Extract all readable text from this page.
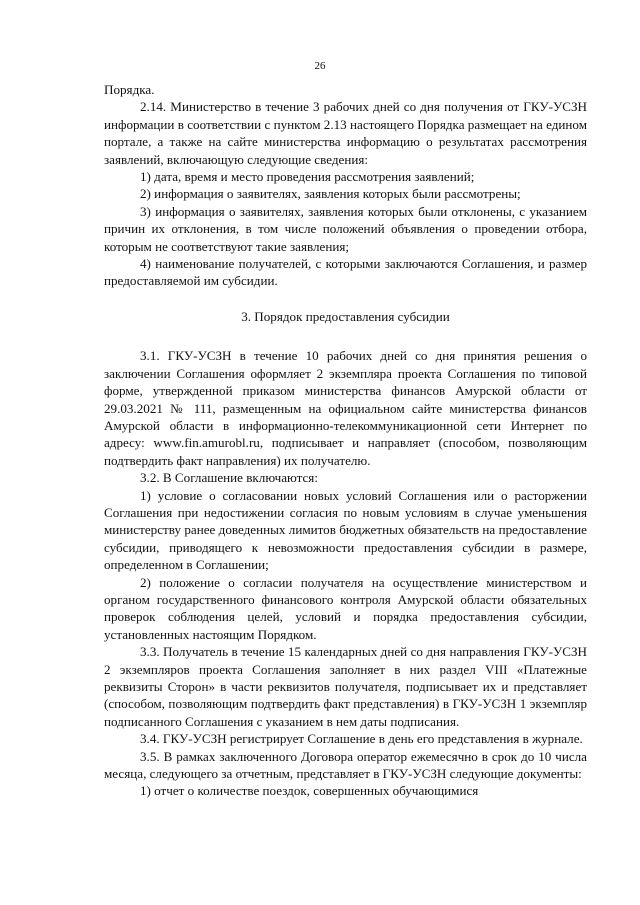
26

Порядка.

2.14. Министерство в течение 3 рабочих дней со дня получения от ГКУ-УСЗН информации в соответствии с пунктом 2.13 настоящего Порядка размещает на едином портале, а также на сайте министерства информацию о результатах рассмотрения заявлений, включающую следующие сведения:

1) дата, время и место проведения рассмотрения заявлений;

2) информация о заявителях, заявления которых были рассмотрены;

3) информация о заявителях, заявления которых были отклонены, с указанием причин их отклонения, в том числе положений объявления о проведении отбора, которым не соответствуют такие заявления;

4) наименование получателей, с которыми заключаются Соглашения, и размер предоставляемой им субсидии.

3. Порядок предоставления субсидии

3.1. ГКУ-УСЗН в течение 10 рабочих дней со дня принятия решения о заключении Соглашения оформляет 2 экземпляра проекта Соглашения по типовой форме, утвержденной приказом министерства финансов Амурской области от 29.03.2021 № 111, размещенным на официальном сайте министерства финансов Амурской области в информационно-телекоммуникационной сети Интернет по адресу: www.fin.amurobl.ru, подписывает и направляет (способом, позволяющим подтвердить факт направления) их получателю.

3.2. В Соглашение включаются:

1) условие о согласовании новых условий Соглашения или о расторжении Соглашения при недостижении согласия по новым условиям в случае уменьшения министерству ранее доведенных лимитов бюджетных обязательств на предоставление субсидии, приводящего к невозможности предоставления субсидии в размере, определенном в Соглашении;

2) положение о согласии получателя на осуществление министерством и органом государственного финансового контроля Амурской области обязательных проверок соблюдения целей, условий и порядка предоставления субсидии, установленных настоящим Порядком.

3.3. Получатель в течение 15 календарных дней со дня направления ГКУ-УСЗН 2 экземпляров проекта Соглашения заполняет в них раздел VIII «Платежные реквизиты Сторон» в части реквизитов получателя, подписывает их и представляет (способом, позволяющим подтвердить факт представления) в ГКУ-УСЗН 1 экземпляр подписанного Соглашения с указанием в нем даты подписания.

3.4. ГКУ-УСЗН регистрирует Соглашение в день его представления в журнале.

3.5. В рамках заключенного Договора оператор ежемесячно в срок до 10 числа месяца, следующего за отчетным, представляет в ГКУ-УСЗН следующие документы:

1) отчет о количестве поездок, совершенных обучающимися
